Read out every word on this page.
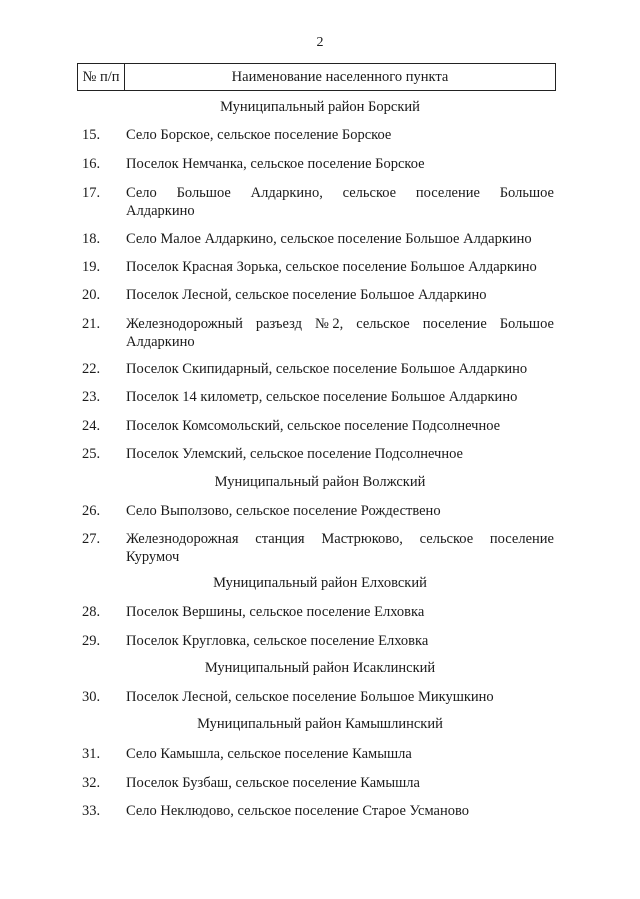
2
№ п/п	Наименование населенного пункта
Муниципальный район Борский
15. Село Борское, сельское поселение Борское
16. Поселок Немчанка, сельское поселение Борское
17. Село Большое Алдаркино, сельское поселение Большое
Алдаркино
18. Село Малое Алдаркино, сельское поселение Большое Алдаркино
19. Поселок Красная Зорька, сельское поселение Большое Алдаркино
20. Поселок Лесной, сельское поселение Большое Алдаркино
21. Железнодорожный разъезд № 2, сельское поселение Большое
Алдаркино
22. Поселок Скипидарный, сельское поселение Большое Алдаркино
23. Поселок 14 километр, сельское поселение Большое Алдаркино
24. Поселок Комсомольский, сельское поселение Подсолнечное
25. Поселок Улемский, сельское поселение Подсолнечное
Муниципальный район Волжский
26. Село Выползово, сельское поселение Рождествено
27. Железнодорожная станция Мастрюково, сельское поселение
Курумоч
Муниципальный район Елховский
28. Поселок Вершины, сельское поселение Елховка
29. Поселок Кругловка, сельское поселение Елховка
Муниципальный район Исаклинский
30. Поселок Лесной, сельское поселение Большое Микушкино
Муниципальный район Камышлинский
31. Село Камышла, сельское поселение Камышла
32. Поселок Бузбаш, сельское поселение Камышла
33. Село Неклюдово, сельское поселение Старое Усманово
